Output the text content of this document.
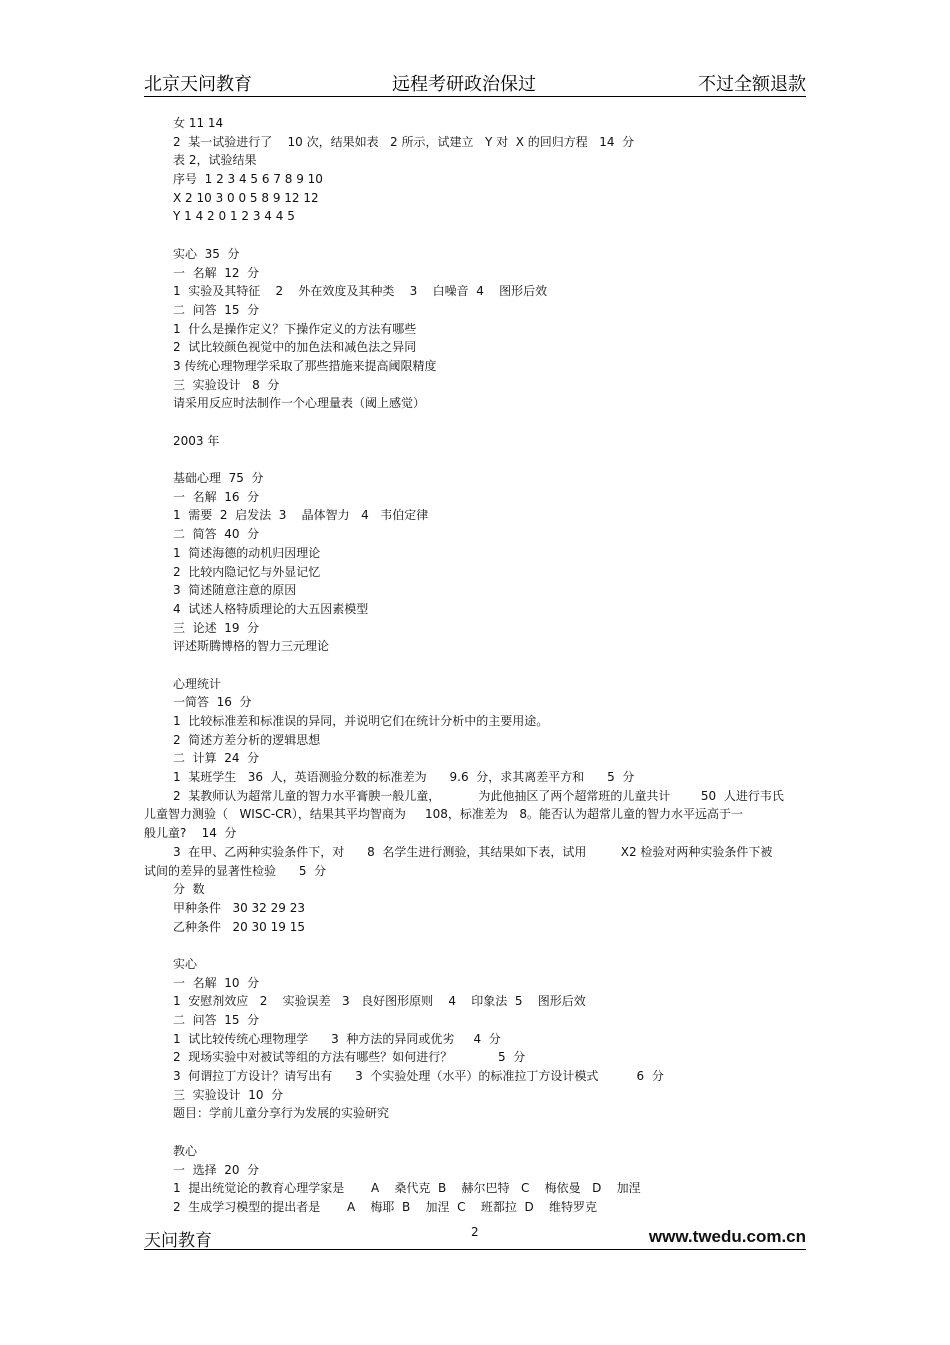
北京天问教育	远程考研政治保过	不过全额退款
女 11 14
2  某一试验进行了    10 次，结果如表   2 所示，试建立   Y 对  X 的回归方程   14  分
表 2，试验结果
序号  1 2 3 4 5 6 7 8 9 10
X 2 10 3 0 0 5 8 9 12 12
Y 1 4 2 0 1 2 3 4 4 5
实心  35  分
一  名解  12  分
1  实验及其特征    2    外在效度及其种类    3    白噪音  4    图形后效
二  问答  15  分
1  什么是操作定义？下操作定义的方法有哪些
2  试比较颜色视觉中的加色法和减色法之异同
3 传统心理物理学采取了那些措施来提高阈限精度
三  实验设计   8  分
请采用反应时法制作一个心理量表（阈上感觉）
2003 年
基础心理  75  分
一  名解  16  分
1  需要  2  启发法  3    晶体智力   4   韦伯定律
二  简答  40  分
1  简述海德的动机归因理论
2  比较内隐记忆与外显记忆
3  简述随意注意的原因
4  试述人格特质理论的大五因素模型
三  论述  19  分
评述斯腾博格的智力三元理论
心理统计
一简答  16  分
1  比较标准差和标准误的异同，并说明它们在统计分析中的主要用途。
2  简述方差分析的逻辑思想
二  计算  24  分
1  某班学生   36  人，英语测验分数的标准差为      9.6  分，求其离差平方和      5  分
2  某教师认为超常儿童的智力水平膏腴一般儿童，          为此他抽区了两个超常班的儿童共计        50  人进行韦氏
儿童智力测验（   WISC-CR），结果其平均智商为     108，标准差为   8。能否认为超常儿童的智力水平远高于一
般儿童?    14  分
3  在甲、乙两种实验条件下，对      8  名学生进行测验，其结果如下表，试用         X2 检验对两种实验条件下被
试间的差异的显著性检验      5  分
分  数
甲种条件   30 32 29 23
乙种条件   20 30 19 15
实心
一  名解  10  分
1  安慰剂效应   2    实验误差   3   良好图形原则    4    印象法  5    图形后效
二  问答  15  分
1  试比较传统心理物理学      3  种方法的异同或优劣     4  分
2  现场实验中对被试等组的方法有哪些？如何进行？            5  分
3  何谓拉丁方设计？请写出有      3  个实验处理（水平）的标准拉丁方设计模式          6  分
三  实验设计  10  分
题目：学前儿童分享行为发展的实验研究
教心
一  选择  20  分
1  提出统觉论的教育心理学家是       A    桑代克  B    赫尔巴特   C    梅依曼   D    加涅
2  生成学习模型的提出者是       A    梅耶  B    加涅  C    班都拉  D    维特罗克
天问教育	2	www.twedu.com.cn
